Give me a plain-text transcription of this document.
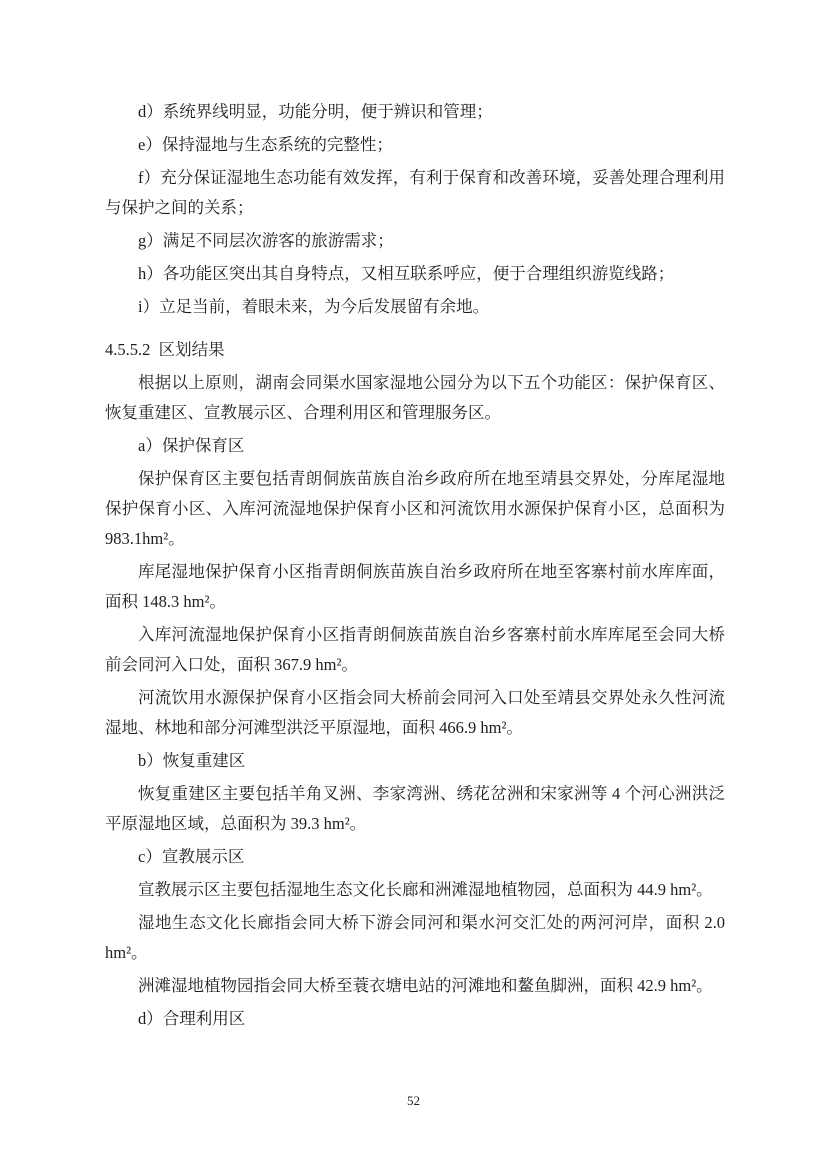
d）系统界线明显，功能分明，便于辨识和管理；

e）保持湿地与生态系统的完整性；

f）充分保证湿地生态功能有效发挥，有利于保育和改善环境，妥善处理合理利用与保护之间的关系；

g）满足不同层次游客的旅游需求；

h）各功能区突出其自身特点，又相互联系呼应，便于合理组织游览线路；

i）立足当前，着眼未来，为今后发展留有余地。

4.5.5.2  区划结果

根据以上原则，湖南会同渠水国家湿地公园分为以下五个功能区：保护保育区、恢复重建区、宣教展示区、合理利用区和管理服务区。

a）保护保育区

保护保育区主要包括青朗侗族苗族自治乡政府所在地至靖县交界处，分库尾湿地保护保育小区、入库河流湿地保护保育小区和河流饮用水源保护保育小区，总面积为983.1hm²。

库尾湿地保护保育小区指青朗侗族苗族自治乡政府所在地至客寨村前水库库面，面积 148.3 hm²。

入库河流湿地保护保育小区指青朗侗族苗族自治乡客寨村前水库库尾至会同大桥前会同河入口处，面积 367.9 hm²。

河流饮用水源保护保育小区指会同大桥前会同河入口处至靖县交界处永久性河流湿地、林地和部分河滩型洪泛平原湿地，面积 466.9 hm²。

b）恢复重建区

恢复重建区主要包括羊角叉洲、李家湾洲、绣花岔洲和宋家洲等 4 个河心洲洪泛平原湿地区域，总面积为 39.3 hm²。

c）宣教展示区

宣教展示区主要包括湿地生态文化长廊和洲滩湿地植物园，总面积为 44.9 hm²。

湿地生态文化长廊指会同大桥下游会同河和渠水河交汇处的两河河岸，面积 2.0 hm²。

洲滩湿地植物园指会同大桥至蓑衣塘电站的河滩地和鳌鱼脚洲，面积 42.9 hm²。

d）合理利用区

52
